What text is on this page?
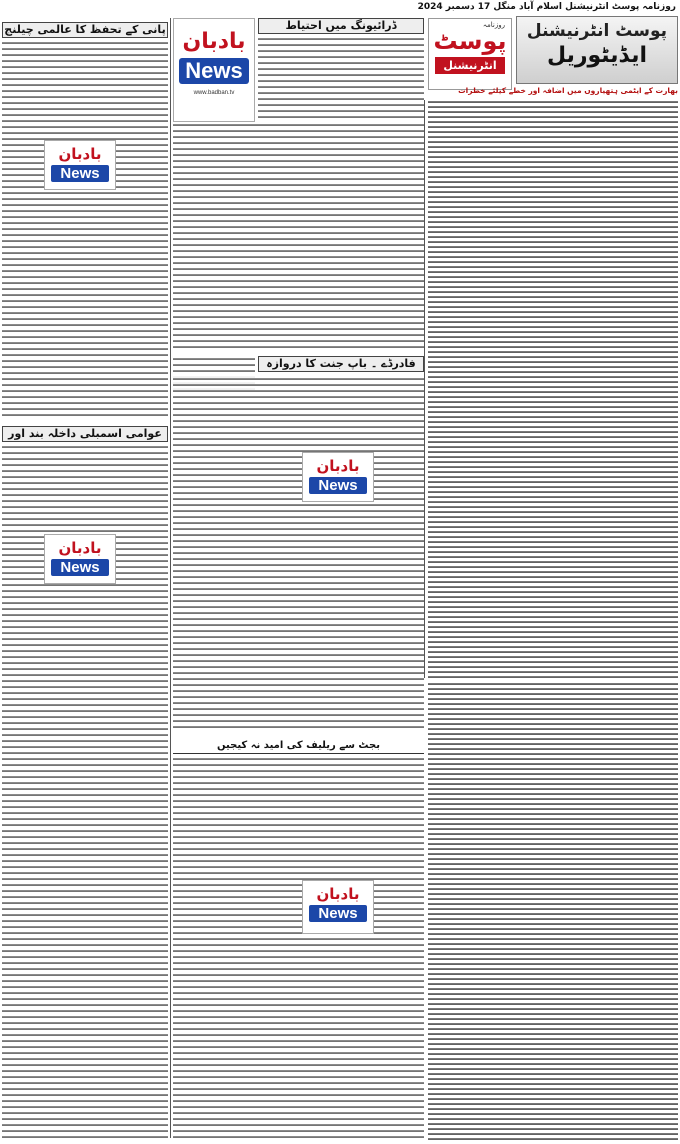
روزنامہ پوسٹ انٹرنیشنل اسلام آباد منگل 17 دسمبر 2024
پوسٹ انٹرنیشنل
ایڈیٹوریل
روزنامہ
پوسٹ
انٹرنیشنل
بھارت کے ایٹمی ہتھیاروں میں اضافہ اور خطے کیلئے خطرات
بادبان
News
www.badban.tv
ڈرائیونگ میں احتیاط
فادرڈے ۔ باپ جنت کا دروازہ
بادبان
News
بجٹ سے ریلیف کی امید نہ کیجیں
بادبان
News
پانی کے تحفظ کا عالمی چیلنج
بادبان
News
عوامی اسمبلی داخلہ بند اور
بادبان
News
